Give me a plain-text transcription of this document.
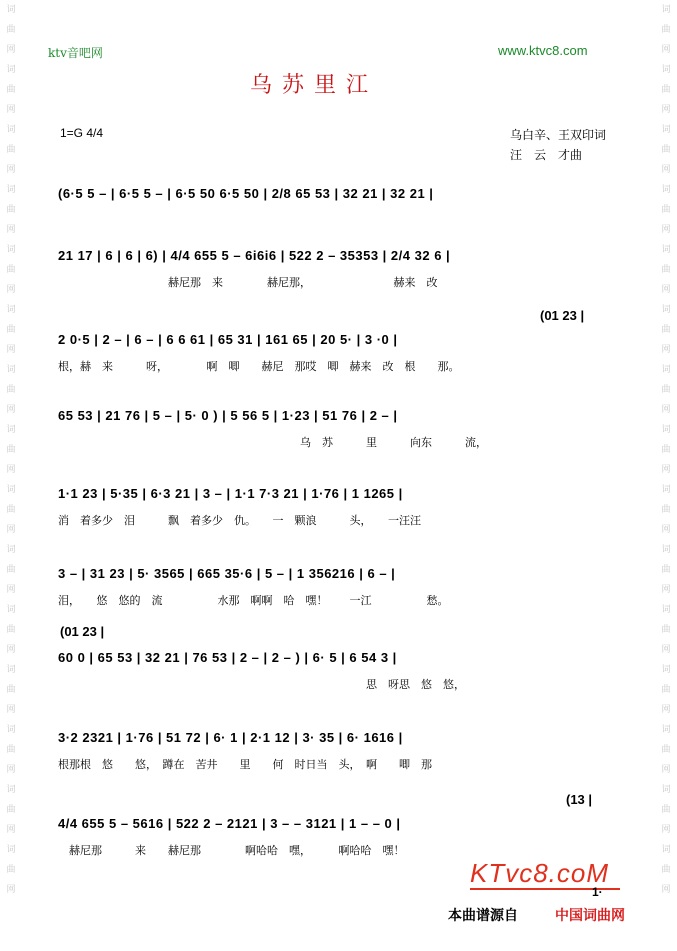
词
曲
网
词
曲
网
词
曲
网
词
曲
网
词
曲
网
词
曲
网
词
曲
网
词
曲
网
词
曲
网
词
曲
网
词
曲
网
词
曲
网
词
曲
网
词
曲
网
词
曲
网
词
曲
网
词
曲
网
词
曲
网
词
曲
网
词
曲
网
词
曲
网
词
曲
网
词
曲
网
词
曲
网
词
曲
网
词
曲
网
词
曲
网
词
曲
网
词
曲
网
词
曲
网
ktv音吧网	www.ktvc8.com
乌苏里江
1=G 4/4	乌白辛、王双印词
汪　云　才曲
(6·5 5 – | 6·5 5 – | 6·5 50 6·5 50 | 2/8 65 53 | 32 21 | 32 21 |
21 17 | 6 | 6 | 6) | 4/4 655 5 – 6i6i6 | 522 2 – 35353 | 2/4 32 6 |
　　　　　　　　　　赫尼那　来　　　　赫尼那，　　　　　　　　赫来　改
(01 23 |
2 0·5 | 2 – | 6 – | 6 6 61 | 65 31 | 161 65 | 20 5· | 3 ·0 |
根，赫　来　　　呀，　　　　啊　唧　　赫尼　那哎　唧　赫来　改　根　　那。
65 53 | 21 76 | 5 – | 5· 0 ) | 5 56 5 | 1·23 | 51 76 | 2 – |
　　　　　　　　　　　　　　　　　　　　　　乌　苏　　　里　　　向东　　　流，
1·1 23 | 5·35 | 6·3 21 | 3 – | 1·1 7·3 21 | 1·76 | 1 1265 |
消　着多少　泪　　　飘　着多少　仇。　　一　颗浪　　　头，　　一汪汪
3 – | 31 23 | 5· 3565 | 665 35·6 | 5 – | 1 356216 | 6 – |
泪，　　悠　悠的　流　　　　　水那　啊啊　哈　嘿！　　一江　　　　　愁。
(01 23 |
60 0 | 65 53 | 32 21 | 76 53 | 2 – | 2 – ) | 6· 5 | 6 54 3 |
　　　　　　　　　　　　　　　　　　　　　　　　　　　　思　呀思　悠　悠，
3·2 2321 | 1·76 | 51 72 | 6· 1 | 2·1 12 | 3· 35 | 6· 1616 |
根那根　悠　　悠，　蹲在　苦井　　里　　何　时日当　头，　啊　　唧　那
(13 |
4/4 655 5 – 5616 | 522 2 – 2121 | 3 – – 3121 | 1 – – 0 |
　赫尼那　　　来　　赫尼那　　　　啊哈哈　嘿，　　　啊哈哈　嘿！
KTvc8.coM
1·
本曲谱源自	中国词曲网
